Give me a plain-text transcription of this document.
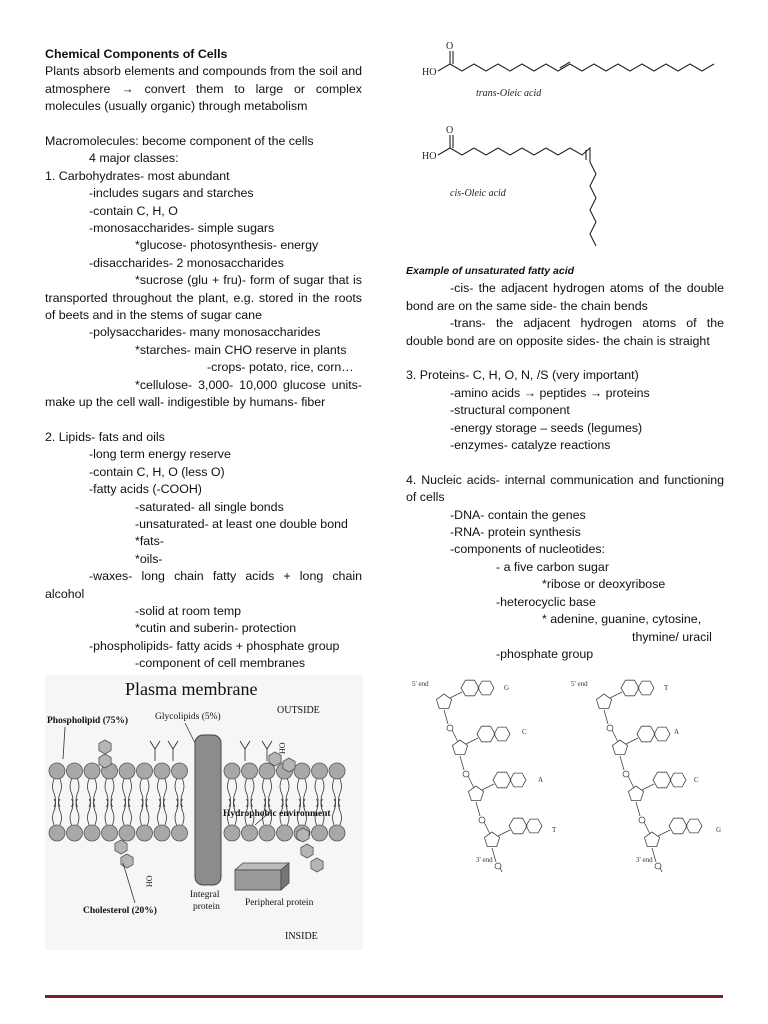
Chemical Components of Cells
Plants absorb elements and compounds from the soil and atmosphere → convert them to large or complex molecules (usually organic) through metabolism
Macromolecules: become component of the cells
4 major classes:
1. Carbohydrates- most abundant
-includes sugars and starches
-contain C, H, O
-monosaccharides- simple sugars
*glucose- photosynthesis- energy
-disaccharides- 2 monosaccharides
*sucrose (glu + fru)- form of sugar that is transported throughout the plant, e.g. stored in the roots of beets and in the stems of sugar cane
-polysaccharides- many monosaccharides
*starches- main CHO reserve in plants
-crops- potato, rice, corn…
*cellulose- 3,000- 10,000 glucose units- make up the cell wall- indigestible by humans- fiber
2. Lipids- fats and oils
-long term energy reserve
-contain C, H, O (less O)
-fatty acids (-COOH)
-saturated- all single bonds
-unsaturated- at least one double bond
*fats-
*oils-
-waxes- long chain fatty acids + long chain alcohol
-solid at room temp
*cutin and suberin- protection
-phospholipids- fatty acids + phosphate group
-component of cell membranes
O
HO
trans-Oleic acid
O
HO
cis-Oleic acid
Example of unsaturated fatty acid
-cis- the adjacent hydrogen atoms of the double bond are on the same side- the chain bends
-trans- the adjacent hydrogen atoms of the double bond are on opposite sides- the chain is straight
3. Proteins- C, H, O, N, /S (very important)
-amino acids → peptides → proteins
-structural component
-energy storage – seeds (legumes)
-enzymes- catalyze reactions
4. Nucleic acids- internal communication and functioning of cells
-DNA- contain the genes
-RNA- protein synthesis
-components of nucleotides:
- a five carbon sugar
*ribose or deoxyribose
-heterocyclic base
* adenine, guanine, cytosine,
thymine/ uracil
-phosphate group
Plasma membrane
OUTSIDE
INSIDE
Phospholipid (75%)	Glycolipids (5%)
Hydrophobic environment
Cholesterol (20%)
Integral
protein	Peripheral protein
HO
HO
5' end
3' end
5' end
3' end
G
C
A
T
T
A
C
G
